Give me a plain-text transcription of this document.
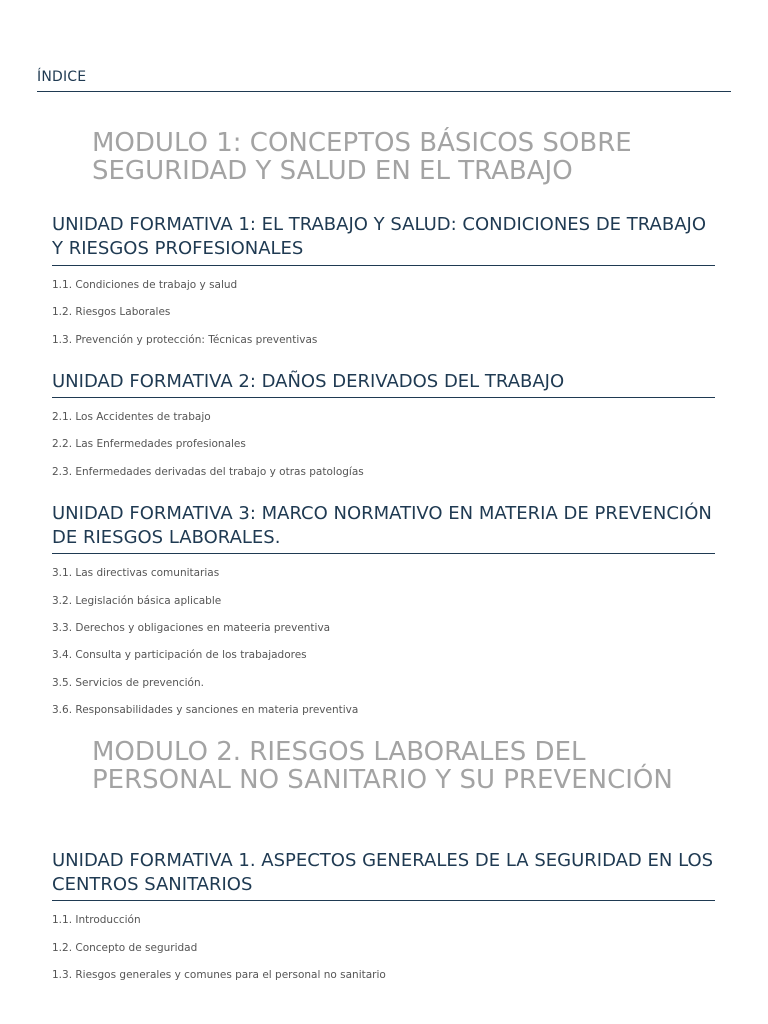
ÍNDICE
MODULO 1: CONCEPTOS BÁSICOS SOBRE SEGURIDAD Y SALUD EN EL TRABAJO
UNIDAD FORMATIVA 1: EL TRABAJO Y SALUD: CONDICIONES DE TRABAJO Y RIESGOS PROFESIONALES
1.1. Condiciones de trabajo y salud
1.2. Riesgos Laborales
1.3. Prevención y protección: Técnicas preventivas
UNIDAD FORMATIVA 2: DAÑOS DERIVADOS DEL TRABAJO
2.1. Los Accidentes de trabajo
2.2. Las Enfermedades profesionales
2.3. Enfermedades derivadas del trabajo y otras patologías
UNIDAD FORMATIVA 3: MARCO NORMATIVO EN MATERIA DE PREVENCIÓN DE RIESGOS LABORALES.
3.1. Las directivas comunitarias
3.2. Legislación básica aplicable
3.3. Derechos y obligaciones en mateeria preventiva
3.4. Consulta y participación de los trabajadores
3.5. Servicios de prevención.
3.6. Responsabilidades y sanciones en materia preventiva
MODULO 2. RIESGOS LABORALES DEL PERSONAL NO SANITARIO Y SU PREVENCIÓN
UNIDAD FORMATIVA 1. ASPECTOS GENERALES DE LA SEGURIDAD EN LOS CENTROS SANITARIOS
1.1. Introducción
1.2. Concepto de seguridad
1.3. Riesgos generales y comunes para el personal no sanitario
